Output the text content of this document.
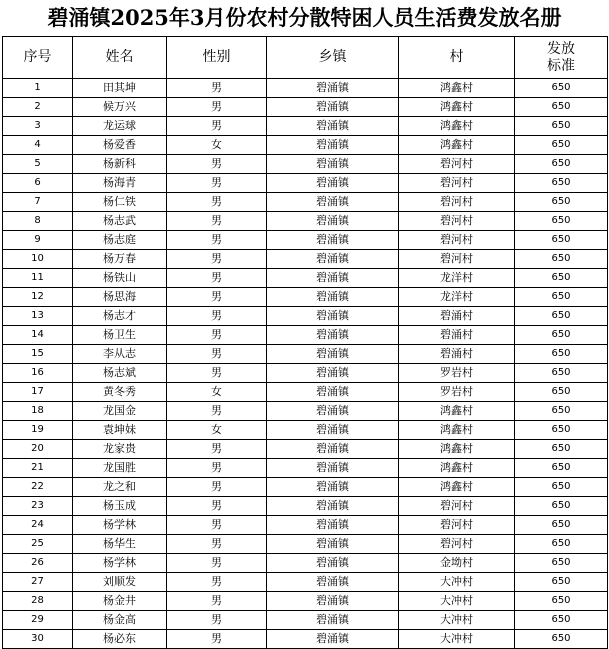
碧涌镇2025年3月份农村分散特困人员生活费发放名册
序号	姓名	性别	乡镇	村	发放
标准

1	田其坤	男	碧涌镇	鸿鑫村	650
2	候万兴	男	碧涌镇	鸿鑫村	650
3	龙运球	男	碧涌镇	鸿鑫村	650
4	杨爱香	女	碧涌镇	鸿鑫村	650
5	杨新科	男	碧涌镇	碧河村	650
6	杨海青	男	碧涌镇	碧河村	650
7	杨仁铁	男	碧涌镇	碧河村	650
8	杨志武	男	碧涌镇	碧河村	650
9	杨志庭	男	碧涌镇	碧河村	650
10	杨万春	男	碧涌镇	碧河村	650
11	杨铁山	男	碧涌镇	龙洋村	650
12	杨思海	男	碧涌镇	龙洋村	650
13	杨志才	男	碧涌镇	碧涌村	650
14	杨卫生	男	碧涌镇	碧涌村	650
15	李从志	男	碧涌镇	碧涌村	650
16	杨志斌	男	碧涌镇	罗岩村	650
17	黄冬秀	女	碧涌镇	罗岩村	650
18	龙国金	男	碧涌镇	鸿鑫村	650
19	袁坤妹	女	碧涌镇	鸿鑫村	650
20	龙家贵	男	碧涌镇	鸿鑫村	650
21	龙国胜	男	碧涌镇	鸿鑫村	650
22	龙之和	男	碧涌镇	鸿鑫村	650
23	杨玉成	男	碧涌镇	碧河村	650
24	杨学林	男	碧涌镇	碧河村	650
25	杨华生	男	碧涌镇	碧河村	650
26	杨学林	男	碧涌镇	金坳村	650
27	刘顺发	男	碧涌镇	大冲村	650
28	杨金井	男	碧涌镇	大冲村	650
29	杨金高	男	碧涌镇	大冲村	650
30	杨必东	男	碧涌镇	大冲村	650
